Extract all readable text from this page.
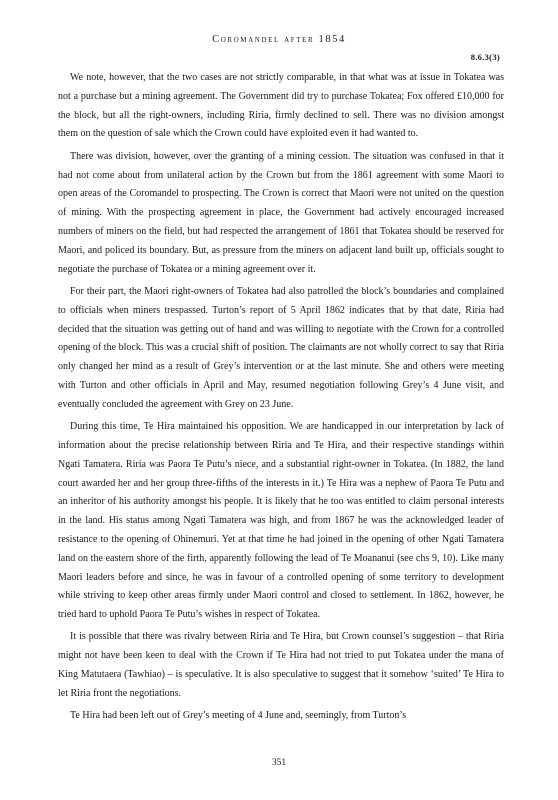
Coromandel after 1854
8.6.3(3)

We note, however, that the two cases are not strictly comparable, in that what was at issue in Tokatea was not a purchase but a mining agreement. The Government did try to purchase Tokatea; Fox offered £10,000 for the block, but all the right-owners, including Riria, firmly declined to sell. There was no division amongst them on the question of sale which the Crown could have exploited even it had wanted to.

There was division, however, over the granting of a mining cession. The situation was confused in that it had not come about from unilateral action by the Crown but from the 1861 agreement with some Maori to open areas of the Coromandel to prospecting. The Crown is correct that Maori were not united on the question of mining. With the prospecting agreement in place, the Government had actively encouraged increased numbers of miners on the field, but had respected the arrangement of 1861 that Tokatea should be reserved for Maori, and policed its boundary. But, as pressure from the miners on adjacent land built up, officials sought to negotiate the purchase of Tokatea or a mining agreement over it.

For their part, the Maori right-owners of Tokatea had also patrolled the block’s boundaries and complained to officials when miners trespassed. Turton’s report of 5 April 1862 indicates that by that date, Riria had decided that the situation was getting out of hand and was willing to negotiate with the Crown for a controlled opening of the block. This was a crucial shift of position. The claimants are not wholly correct to say that Riria only changed her mind as a result of Grey’s intervention or at the last minute. She and others were meeting with Turton and other officials in April and May, resumed negotiation following Grey’s 4 June visit, and eventually concluded the agreement with Grey on 23 June.

During this time, Te Hira maintained his opposition. We are handicapped in our interpretation by lack of information about the precise relationship between Riria and Te Hira, and their respective standings within Ngati Tamatera. Riria was Paora Te Putu’s niece, and a substantial right-owner in Tokatea. (In 1882, the land court awarded her and her group three-fifths of the interests in it.) Te Hira was a nephew of Paora Te Putu and an inheritor of his authority amongst his people. It is likely that he too was entitled to claim personal interests in the land. His status among Ngati Tamatera was high, and from 1867 he was the acknowledged leader of resistance to the opening of Ohinemuri. Yet at that time he had joined in the opening of other Ngati Tamatera land on the eastern shore of the firth, apparently following the lead of Te Moananui (see chs 9, 10). Like many Maori leaders before and since, he was in favour of a controlled opening of some territory to development while striving to keep other areas firmly under Maori control and closed to settlement. In 1862, however, he tried hard to uphold Paora Te Putu’s wishes in respect of Tokatea.

It is possible that there was rivalry between Riria and Te Hira, but Crown counsel’s suggestion – that Riria might not have been keen to deal with the Crown if Te Hira had not tried to put Tokatea under the mana of King Matutaera (Tawhiao) – is speculative. It is also speculative to suggest that it somehow ‘suited’ Te Hira to let Riria front the negotiations.

Te Hira had been left out of Grey’s meeting of 4 June and, seemingly, from Turton’s

351
